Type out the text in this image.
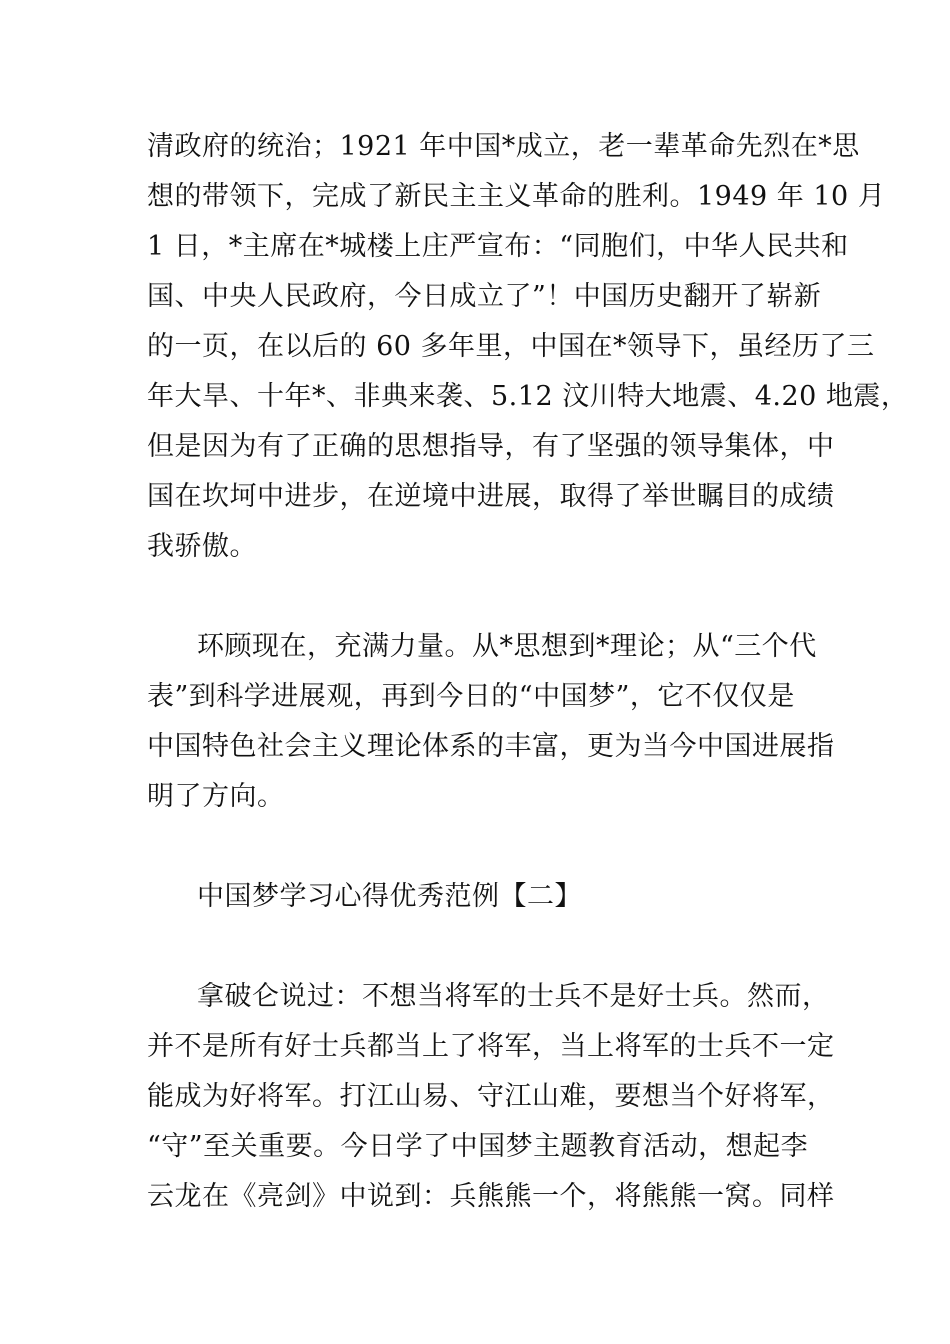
清政府的统治；1921 年中国*成立，老一辈革命先烈在*思
想的带领下，完成了新民主主义革命的胜利。1949 年 10 月
1 日，*主席在*城楼上庄严宣布：“同胞们，中华人民共和
国、中央人民政府，今日成立了”！中国历史翻开了崭新
的一页，在以后的 60 多年里，中国在*领导下，虽经历了三
年大旱、十年*、非典来袭、5.12 汶川特大地震、4.20 地震，
但是因为有了正确的思想指导，有了坚强的领导集体，中
国在坎坷中进步，在逆境中进展，取得了举世瞩目的成绩
我骄傲。
环顾现在，充满力量。从*思想到*理论；从“三个代
表”到科学进展观，再到今日的“中国梦”，它不仅仅是
中国特色社会主义理论体系的丰富，更为当今中国进展指
明了方向。
中国梦学习心得优秀范例【二】
拿破仑说过：不想当将军的士兵不是好士兵。然而，
并不是所有好士兵都当上了将军，当上将军的士兵不一定
能成为好将军。打江山易、守江山难，要想当个好将军，
“守”至关重要。今日学了中国梦主题教育活动，想起李
云龙在《亮剑》中说到：兵熊熊一个，将熊熊一窝。同样
